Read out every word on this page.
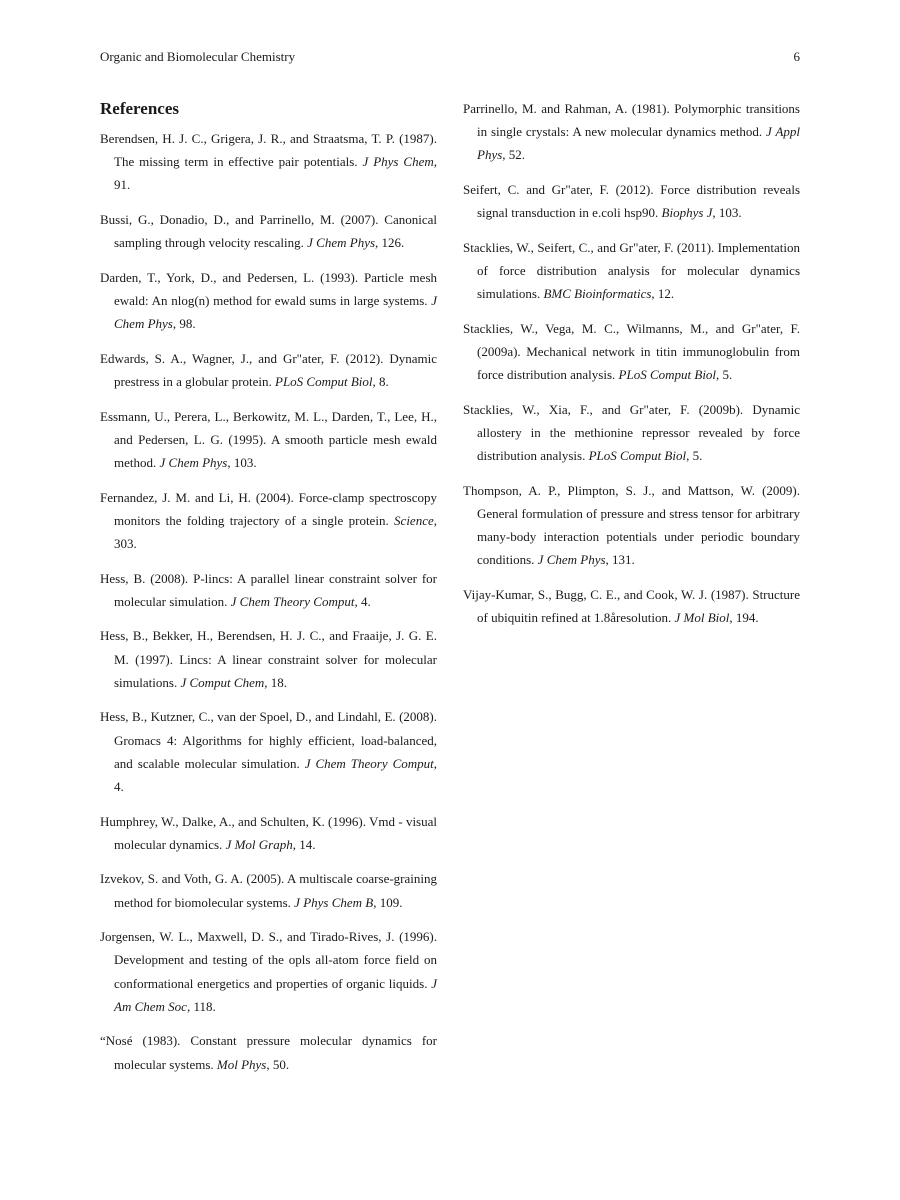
Organic and Biomolecular Chemistry	6
References

Berendsen, H. J. C., Grigera, J. R., and Straatsma, T. P. (1987). The missing term in effective pair potentials. J Phys Chem, 91.

Bussi, G., Donadio, D., and Parrinello, M. (2007). Canonical sampling through velocity rescaling. J Chem Phys, 126.

Darden, T., York, D., and Pedersen, L. (1993). Particle mesh ewald: An nlog(n) method for ewald sums in large systems. J Chem Phys, 98.

Edwards, S. A., Wagner, J., and Gr"ater, F. (2012). Dynamic prestress in a globular protein. PLoS Comput Biol, 8.

Essmann, U., Perera, L., Berkowitz, M. L., Darden, T., Lee, H., and Pedersen, L. G. (1995). A smooth particle mesh ewald method. J Chem Phys, 103.

Fernandez, J. M. and Li, H. (2004). Force-clamp spectroscopy monitors the folding trajectory of a single protein. Science, 303.

Hess, B. (2008). P-lincs: A parallel linear constraint solver for molecular simulation. J Chem Theory Comput, 4.

Hess, B., Bekker, H., Berendsen, H. J. C., and Fraaije, J. G. E. M. (1997). Lincs: A linear constraint solver for molecular simulations. J Comput Chem, 18.

Hess, B., Kutzner, C., van der Spoel, D., and Lindahl, E. (2008). Gromacs 4: Algorithms for highly efficient, load-balanced, and scalable molecular simulation. J Chem Theory Comput, 4.

Humphrey, W., Dalke, A., and Schulten, K. (1996). Vmd - visual molecular dynamics. J Mol Graph, 14.

Izvekov, S. and Voth, G. A. (2005). A multiscale coarse-graining method for biomolecular systems. J Phys Chem B, 109.

Jorgensen, W. L., Maxwell, D. S., and Tirado-Rives, J. (1996). Development and testing of the opls all-atom force field on conformational energetics and properties of organic liquids. J Am Chem Soc, 118.

“Nosé (1983). Constant pressure molecular dynamics for molecular systems. Mol Phys, 50.

Parrinello, M. and Rahman, A. (1981). Polymorphic transitions in single crystals: A new molecular dynamics method. J Appl Phys, 52.

Seifert, C. and Gr"ater, F. (2012). Force distribution reveals signal transduction in e.coli hsp90. Biophys J, 103.

Stacklies, W., Seifert, C., and Gr"ater, F. (2011). Implementation of force distribution analysis for molecular dynamics simulations. BMC Bioinformatics, 12.

Stacklies, W., Vega, M. C., Wilmanns, M., and Gr"ater, F. (2009a). Mechanical network in titin immunoglobulin from force distribution analysis. PLoS Comput Biol, 5.

Stacklies, W., Xia, F., and Gr"ater, F. (2009b). Dynamic allostery in the methionine repressor revealed by force distribution analysis. PLoS Comput Biol, 5.

Thompson, A. P., Plimpton, S. J., and Mattson, W. (2009). General formulation of pressure and stress tensor for arbitrary many-body interaction potentials under periodic boundary conditions. J Chem Phys, 131.

Vijay-Kumar, S., Bugg, C. E., and Cook, W. J. (1987). Structure of ubiquitin refined at 1.8åresolution. J Mol Biol, 194.
